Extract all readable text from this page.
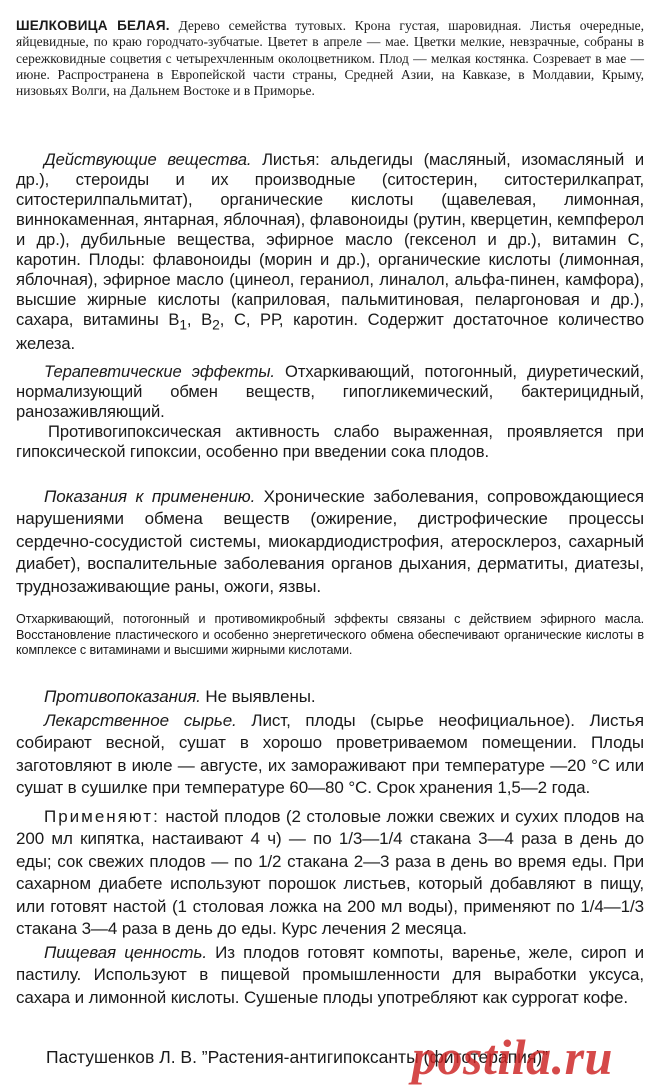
ШЕЛКОВИЦА БЕЛАЯ. Дерево семейства тутовых. Крона густая, шаровидная. Листья очередные, яйцевидные, по краю городчато-зубчатые. Цветет в апреле — мае. Цветки мелкие, невзрачные, собраны в сережковидные соцветия с четырехчленным околоцветником. Плод — мелкая костянка. Созревает в мае — июне. Распространена в Европейской части страны, Средней Азии, на Кавказе, в Молдавии, Крыму, низовьях Волги, на Дальнем Востоке и в Приморье.

Действующие вещества. Листья: альдегиды (масляный, изомасляный и др.), стероиды и их производные (ситостерин, ситостерилкапрат, ситостерилпальмитат), органические кислоты (щавелевая, лимонная, виннокаменная, янтарная, яблочная), флавоноиды (рутин, кверцетин, кемпферол и др.), дубильные вещества, эфирное масло (гексенол и др.), витамин С, каротин. Плоды: флавоноиды (морин и др.), органические кислоты (лимонная, яблочная), эфирное масло (цинеол, гераниол, линалол, альфа-пинен, камфора), высшие жирные кислоты (каприловая, пальмитиновая, пеларгоновая и др.), сахара, витамины $B_1$, $B_2$, С, РР, каротин. Содержит достаточное количество железа.

Терапевтические эффекты. Отхаркивающий, потогонный, диуретический, нормализующий обмен веществ, гипогликемический, бактерицидный, ранозаживляющий.

Противогипоксическая активность слабо выраженная, проявляется при гипоксической гипоксии, особенно при введении сока плодов.

Показания к применению. Хронические заболевания, сопровождающиеся нарушениями обмена веществ (ожирение, дистрофические процессы сердечно-сосудистой системы, миокардиодистрофия, атеросклероз, сахарный диабет), воспалительные заболевания органов дыхания, дерматиты, диатезы, труднозаживающие раны, ожоги, язвы.

Отхаркивающий, потогонный и противомикробный эффекты связаны с действием эфирного масла. Восстановление пластического и особенно энергетического обмена обеспечивают органические кислоты в комплексе с витаминами и высшими жирными кислотами.

Противопоказания. Не выявлены.

Лекарственное сырье. Лист, плоды (сырье неофициальное). Листья собирают весной, сушат в хорошо проветриваемом помещении. Плоды заготовляют в июле — августе, их замораживают при температуре —20 °С или сушат в сушилке при температуре 60—80 °С. Срок хранения 1,5—2 года.

Применяют: настой плодов (2 столовые ложки свежих и сухих плодов на 200 мл кипятка, настаивают 4 ч) — по 1/3—1/4 стакана 3—4 раза в день до еды; сок свежих плодов — по 1/2 стакана 2—3 раза в день во время еды. При сахарном диабете используют порошок листьев, который добавляют в пищу, или готовят настой (1 столовая ложка на 200 мл воды), применяют по 1/4—1/3 стакана 3—4 раза в день до еды. Курс лечения 2 месяца.

Пищевая ценность. Из плодов готовят компоты, варенье, желе, сироп и пастилу. Используют в пищевой промышленности для выработки уксуса, сахара и лимонной кислоты. Сушеные плоды употребляют как суррогат кофе.

Пастушенков Л. В. ”Растения-антигипоксанты (фитотерапия)”
postila.ru
